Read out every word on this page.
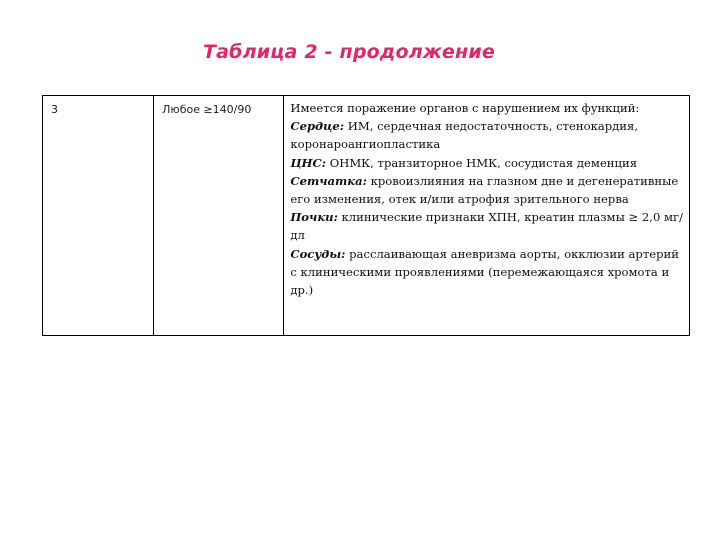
Таблица 2 - продолжение
3	Любое ≥140/90	Имеется поражение органов с нарушением их функций:
Сердце: ИМ, сердечная недостаточность, стенокардия, коронароангиопластика
ЦНС: ОНМК, транзиторное НМК, сосудистая деменция
Сетчатка: кровоизлияния на глазном дне и дегенеративные его изменения, отек и/или атрофия зрительного нерва
Почки: клинические признаки ХПН, креатин плазмы ≥ 2,0 мг/дл
Сосуды: расслаивающая аневризма аорты, окклюзии артерий с клиническими проявлениями (перемежающаяся хромота и др.)
